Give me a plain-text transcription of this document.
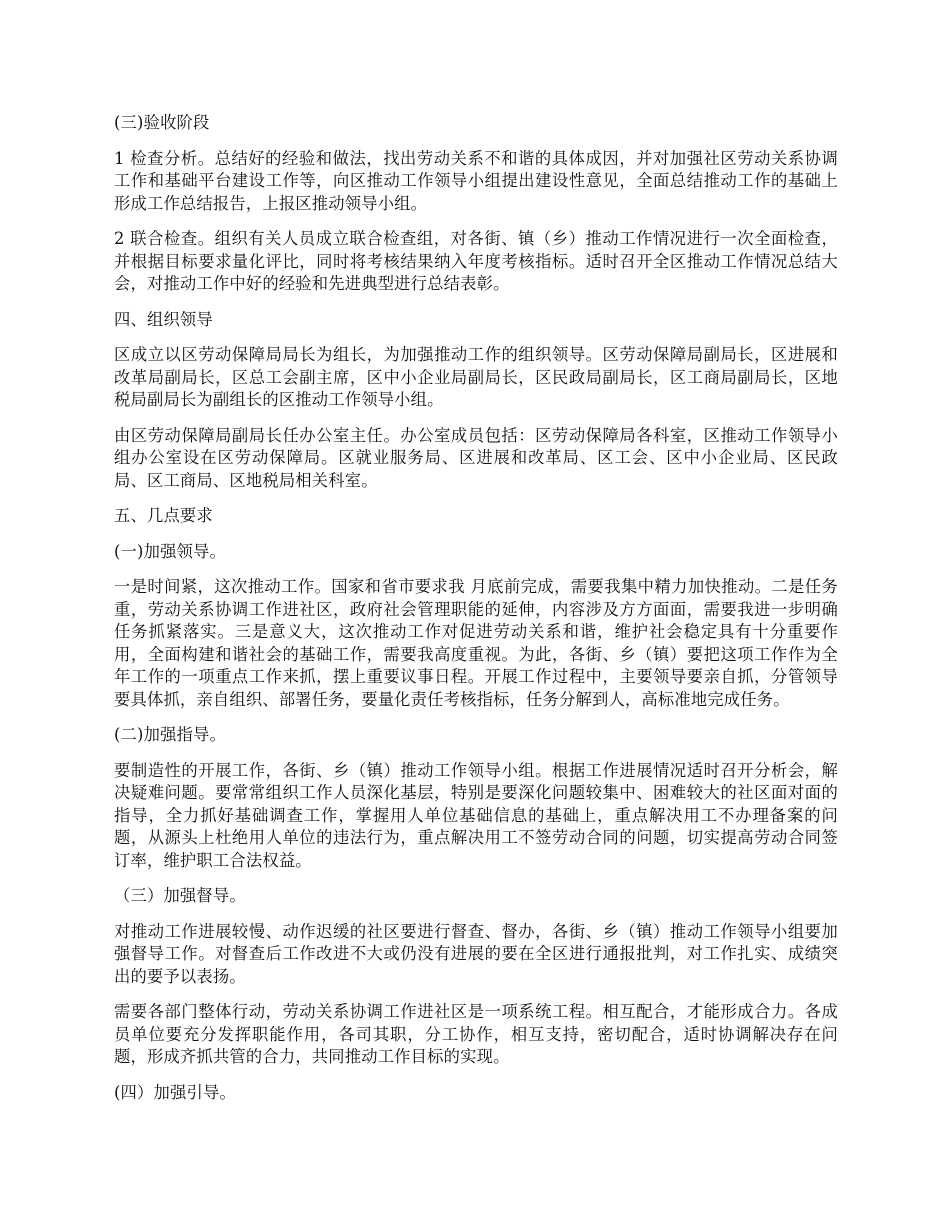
(三)验收阶段

1 检查分析。总结好的经验和做法，找出劳动关系不和谐的具体成因，并对加强社区劳动关系协调工作和基础平台建设工作等，向区推动工作领导小组提出建设性意见，全面总结推动工作的基础上形成工作总结报告，上报区推动领导小组。

2 联合检查。组织有关人员成立联合检查组，对各街、镇（乡）推动工作情况进行一次全面检查，并根据目标要求量化评比，同时将考核结果纳入年度考核指标。适时召开全区推动工作情况总结大会，对推动工作中好的经验和先进典型进行总结表彰。

四、组织领导

区成立以区劳动保障局局长为组长，为加强推动工作的组织领导。区劳动保障局副局长，区进展和改革局副局长，区总工会副主席，区中小企业局副局长，区民政局副局长，区工商局副局长，区地税局副局长为副组长的区推动工作领导小组。

由区劳动保障局副局长任办公室主任。办公室成员包括：区劳动保障局各科室，区推动工作领导小组办公室设在区劳动保障局。区就业服务局、区进展和改革局、区工会、区中小企业局、区民政局、区工商局、区地税局相关科室。

五、几点要求

(一)加强领导。

一是时间紧，这次推动工作。国家和省市要求我 月底前完成，需要我集中精力加快推动。二是任务重，劳动关系协调工作进社区，政府社会管理职能的延伸，内容涉及方方面面，需要我进一步明确任务抓紧落实。三是意义大，这次推动工作对促进劳动关系和谐，维护社会稳定具有十分重要作用，全面构建和谐社会的基础工作，需要我高度重视。为此，各街、乡（镇）要把这项工作作为全年工作的一项重点工作来抓，摆上重要议事日程。开展工作过程中，主要领导要亲自抓，分管领导要具体抓，亲自组织、部署任务，要量化责任考核指标，任务分解到人，高标准地完成任务。

(二)加强指导。

要制造性的开展工作，各街、乡（镇）推动工作领导小组。根据工作进展情况适时召开分析会，解决疑难问题。要常常组织工作人员深化基层，特别是要深化问题较集中、困难较大的社区面对面的指导，全力抓好基础调查工作，掌握用人单位基础信息的基础上，重点解决用工不办理备案的问题，从源头上杜绝用人单位的违法行为，重点解决用工不签劳动合同的问题，切实提高劳动合同签订率，维护职工合法权益。

（三）加强督导。

对推动工作进展较慢、动作迟缓的社区要进行督查、督办，各街、乡（镇）推动工作领导小组要加强督导工作。对督查后工作改进不大或仍没有进展的要在全区进行通报批判，对工作扎实、成绩突出的要予以表扬。

需要各部门整体行动，劳动关系协调工作进社区是一项系统工程。相互配合，才能形成合力。各成员单位要充分发挥职能作用，各司其职，分工协作，相互支持，密切配合，适时协调解决存在问题，形成齐抓共管的合力，共同推动工作目标的实现。

(四）加强引导。
